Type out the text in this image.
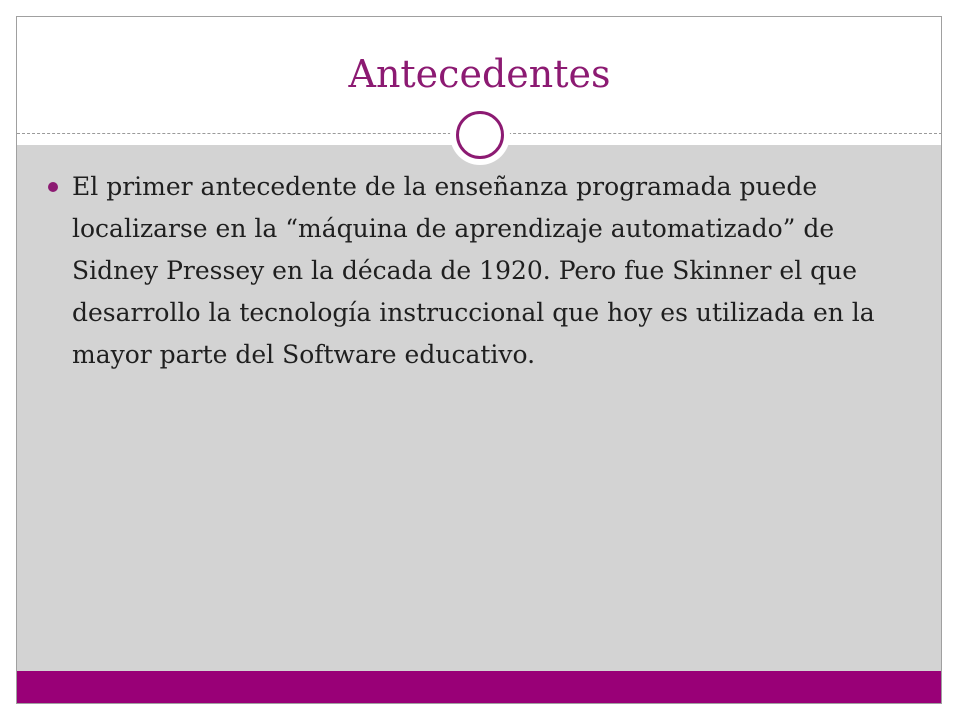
Antecedentes
El primer antecedente de la enseñanza programada puede localizarse en la “máquina de aprendizaje automatizado” de Sidney Pressey en la década de 1920. Pero fue Skinner el que desarrollo la tecnología instruccional que hoy es utilizada en la mayor parte del Software educativo.
